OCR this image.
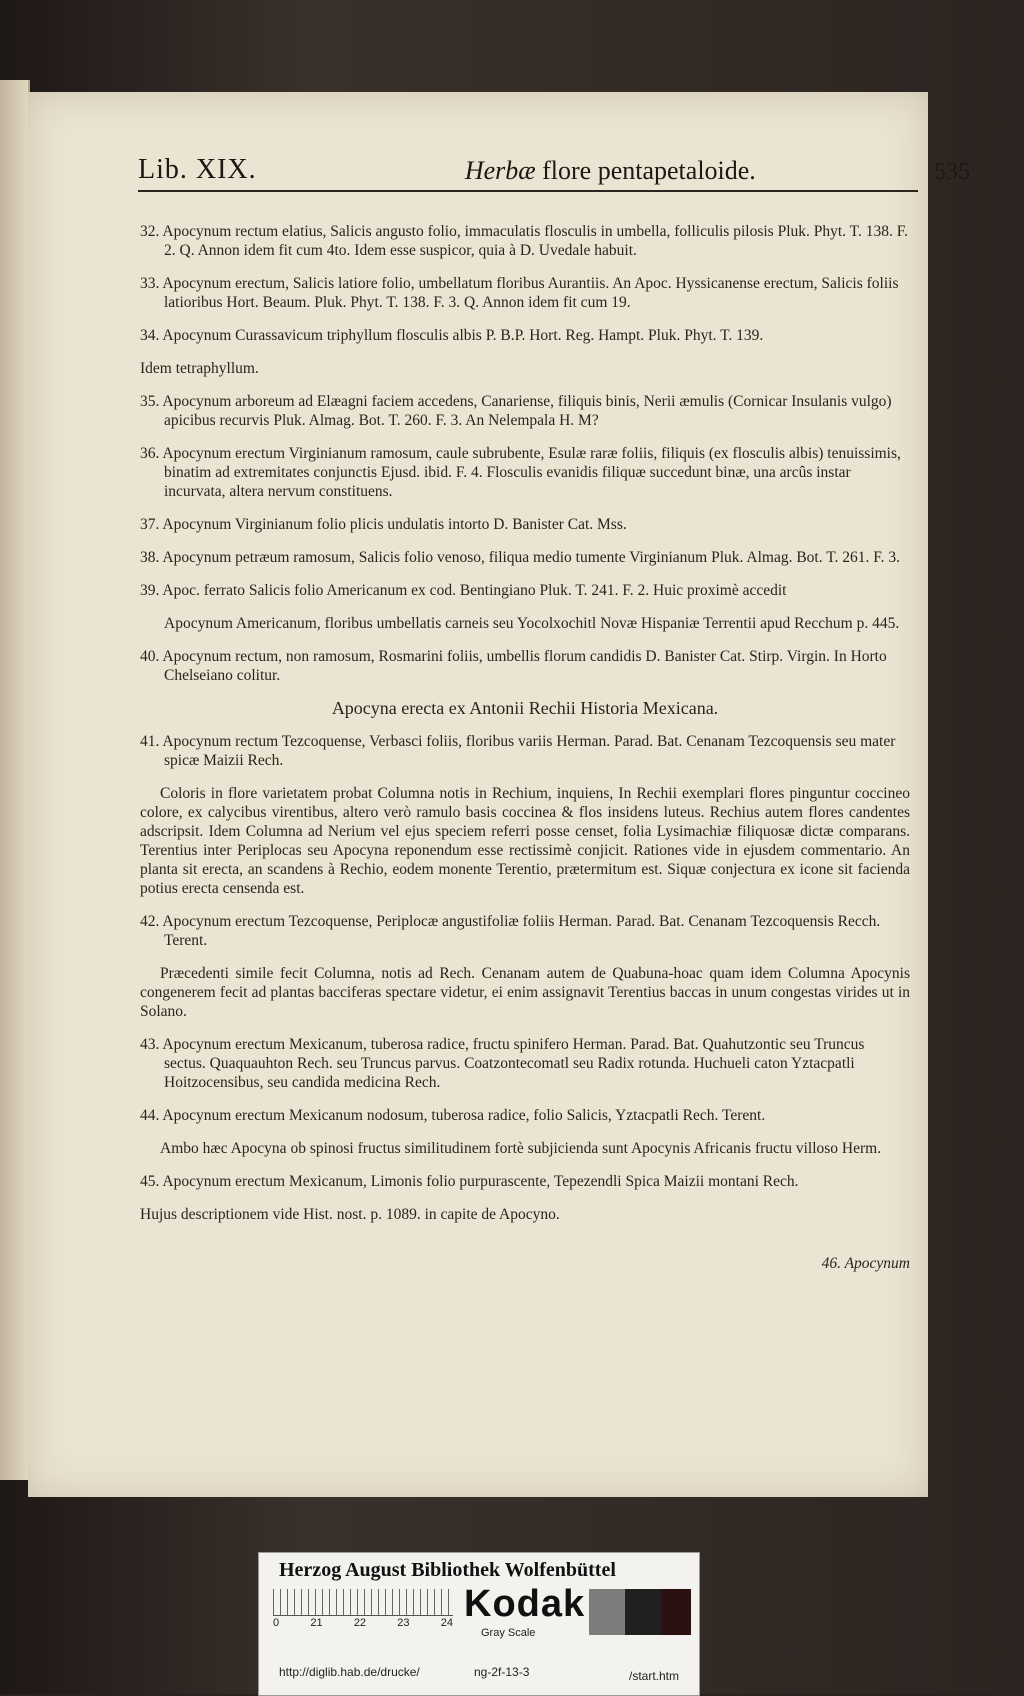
Lib. XIX.	Herbæ flore pentapetaloide.	535

32. Apocynum rectum elatius, Salicis angusto folio, immaculatis flosculis in umbella, folliculis pilosis Pluk. Phyt. T. 138. F. 2. Q. Annon idem fit cum 4to. Idem esse suspicor, quia à D. Uvedale habuit.

33. Apocynum erectum, Salicis latiore folio, umbellatum floribus Aurantiis. An Apoc. Hyssicanense erectum, Salicis foliis latioribus Hort. Beaum. Pluk. Phyt. T. 138. F. 3. Q. Annon idem fit cum 19.

34. Apocynum Curassavicum triphyllum flosculis albis P. B.P. Hort. Reg. Hampt. Pluk. Phyt. T. 139.

Idem tetraphyllum.

35. Apocynum arboreum ad Elæagni faciem accedens, Canariense, filiquis binis, Nerii æmulis (Cornicar Insulanis vulgo) apicibus recurvis Pluk. Almag. Bot. T. 260. F. 3. An Nelempala H. M?

36. Apocynum erectum Virginianum ramosum, caule subrubente, Esulæ raræ foliis, filiquis (ex flosculis albis) tenuissimis, binatim ad extremitates conjunctis Ejusd. ibid. F. 4. Flosculis evanidis filiquæ succedunt binæ, una arcûs instar incurvata, altera nervum constituens.

37. Apocynum Virginianum folio plicis undulatis intorto D. Banister Cat. Mss.

38. Apocynum petræum ramosum, Salicis folio venoso, filiqua medio tumente Virginianum Pluk. Almag. Bot. T. 261. F. 3.

39. Apoc. ferrato Salicis folio Americanum ex cod. Bentingiano Pluk. T. 241. F. 2. Huic proximè accedit

Apocynum Americanum, floribus umbellatis carneis seu Yocolxochitl Novæ Hispaniæ Terrentii apud Recchum p. 445.

40. Apocynum rectum, non ramosum, Rosmarini foliis, umbellis florum candidis D. Banister Cat. Stirp. Virgin. In Horto Chelseiano colitur.

Apocyna erecta ex Antonii Rechii Historia Mexicana.

41. Apocynum rectum Tezcoquense, Verbasci foliis, floribus variis Herman. Parad. Bat. Cenanam Tezcoquensis seu mater spicæ Maizii Rech.

Coloris in flore varietatem probat Columna notis in Rechium, inquiens, In Rechii exemplari flores pinguntur coccineo colore, ex calycibus virentibus, altero verò ramulo basis coccinea & flos insidens luteus. Rechius autem flores candentes adscripsit. Idem Columna ad Nerium vel ejus speciem referri posse censet, folia Lysimachiæ filiquosæ dictæ comparans. Terentius inter Periplocas seu Apocyna reponendum esse rectissimè conjicit. Rationes vide in ejusdem commentario. An planta sit erecta, an scandens à Rechio, eodem monente Terentio, prætermitum est. Siquæ conjectura ex icone sit facienda potius erecta censenda est.

42. Apocynum erectum Tezcoquense, Periplocæ angustifoliæ foliis Herman. Parad. Bat. Cenanam Tezcoquensis Recch. Terent.

Præcedenti simile fecit Columna, notis ad Rech. Cenanam autem de Quabuna-hoac quam idem Columna Apocynis congenerem fecit ad plantas bacciferas spectare videtur, ei enim assignavit Terentius baccas in unum congestas virides ut in Solano.

43. Apocynum erectum Mexicanum, tuberosa radice, fructu spinifero Herman. Parad. Bat. Quahutzontic seu Truncus sectus. Quaquauhton Rech. seu Truncus parvus. Coatzontecomatl seu Radix rotunda. Huchueli caton Yztacpatli Hoitzocensibus, seu candida medicina Rech.

44. Apocynum erectum Mexicanum nodosum, tuberosa radice, folio Salicis, Yztacpatli Rech. Terent.

Ambo hæc Apocyna ob spinosi fructus similitudinem fortè subjicienda sunt Apocynis Africanis fructu villoso Herm.

45. Apocynum erectum Mexicanum, Limonis folio purpurascente, Tepezendli Spica Maizii montani Rech.

Hujus descriptionem vide Hist. nost. p. 1089. in capite de Apocyno.

46. Apocynum

Herzog August Bibliothek Wolfenbüttel
0	21	22	23	24 Kodak
Gray Scale
http://diglib.hab.de/drucke/	ng-2f-13-3	/start.htm
